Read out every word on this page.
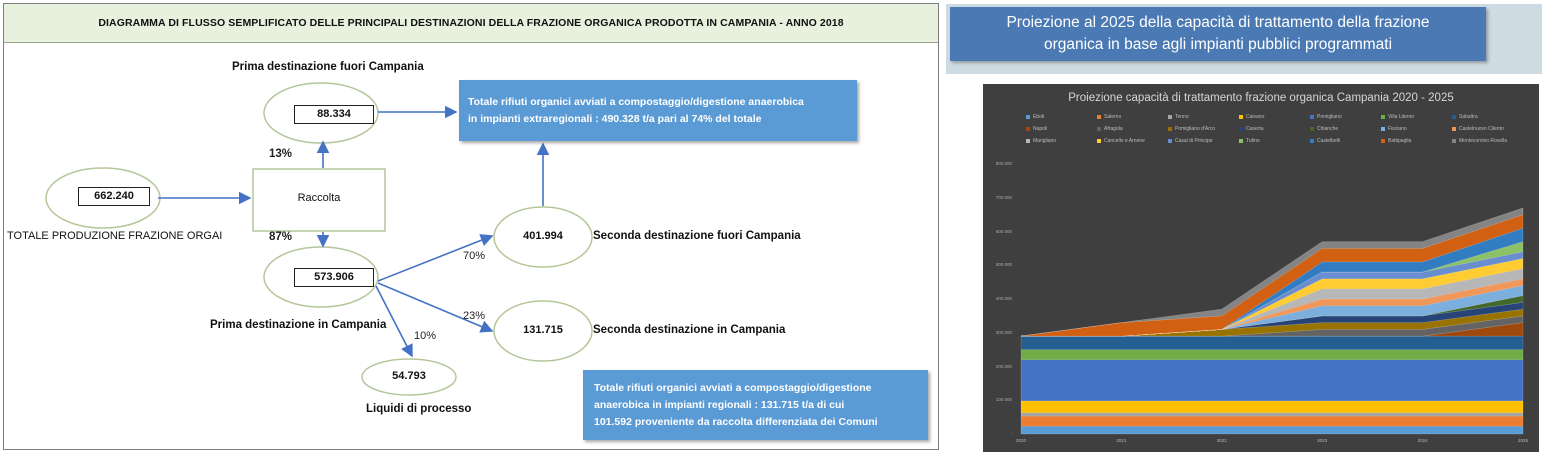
DIAGRAMMA DI FLUSSO SEMPLIFICATO DELLE PRINCIPALI DESTINAZIONI DELLA FRAZIONE ORGANICA PRODOTTA IN CAMPANIA - ANNO 2018
662.240
TOTALE PRODUZIONE FRAZIONE ORGAI
Raccolta
Prima destinazione fuori Campania
88.334
13%
87%
573.906
Prima destinazione in Campania
401.994	Seconda destinazione fuori Campania
70%
131.715	Seconda destinazione in Campania
23%
54.793
Liquidi di processo
10%
Totale rifiuti organici avviati a compostaggio/digestione anaerobica
in impianti extraregionali : 490.328 t/a pari al 74% del totale
Totale rifiuti organici avviati a compostaggio/digestione
anaerobica in impianti regionali : 131.715 t/a di cui
101.592 proveniente da raccolta differenziata dei Comuni
Proiezione al 2025 della capacità di trattamento della frazione
organica in base agli impianti pubblici programmati
Proiezione capacità di trattamento frazione organica Campania 2020 - 2025
Eboli	Salerno	Tenno	Caivano	Pomigliano	Villa Literno	Sabaltra
Napoli	Afragola	Pomigliano d'Arco	Caserta	Chianche	Fisciano	Castelnuovo Cilento
Marigliano	Cancello e Arnone	Casal di Principe	Tufino	Castelbelli	Battipaglia	Montecorvino Rovella
-
100.000
200.000
300.000
400.000
500.000
600.000
700.000
800.000
2020	2021	2022	2023	2024	2025
